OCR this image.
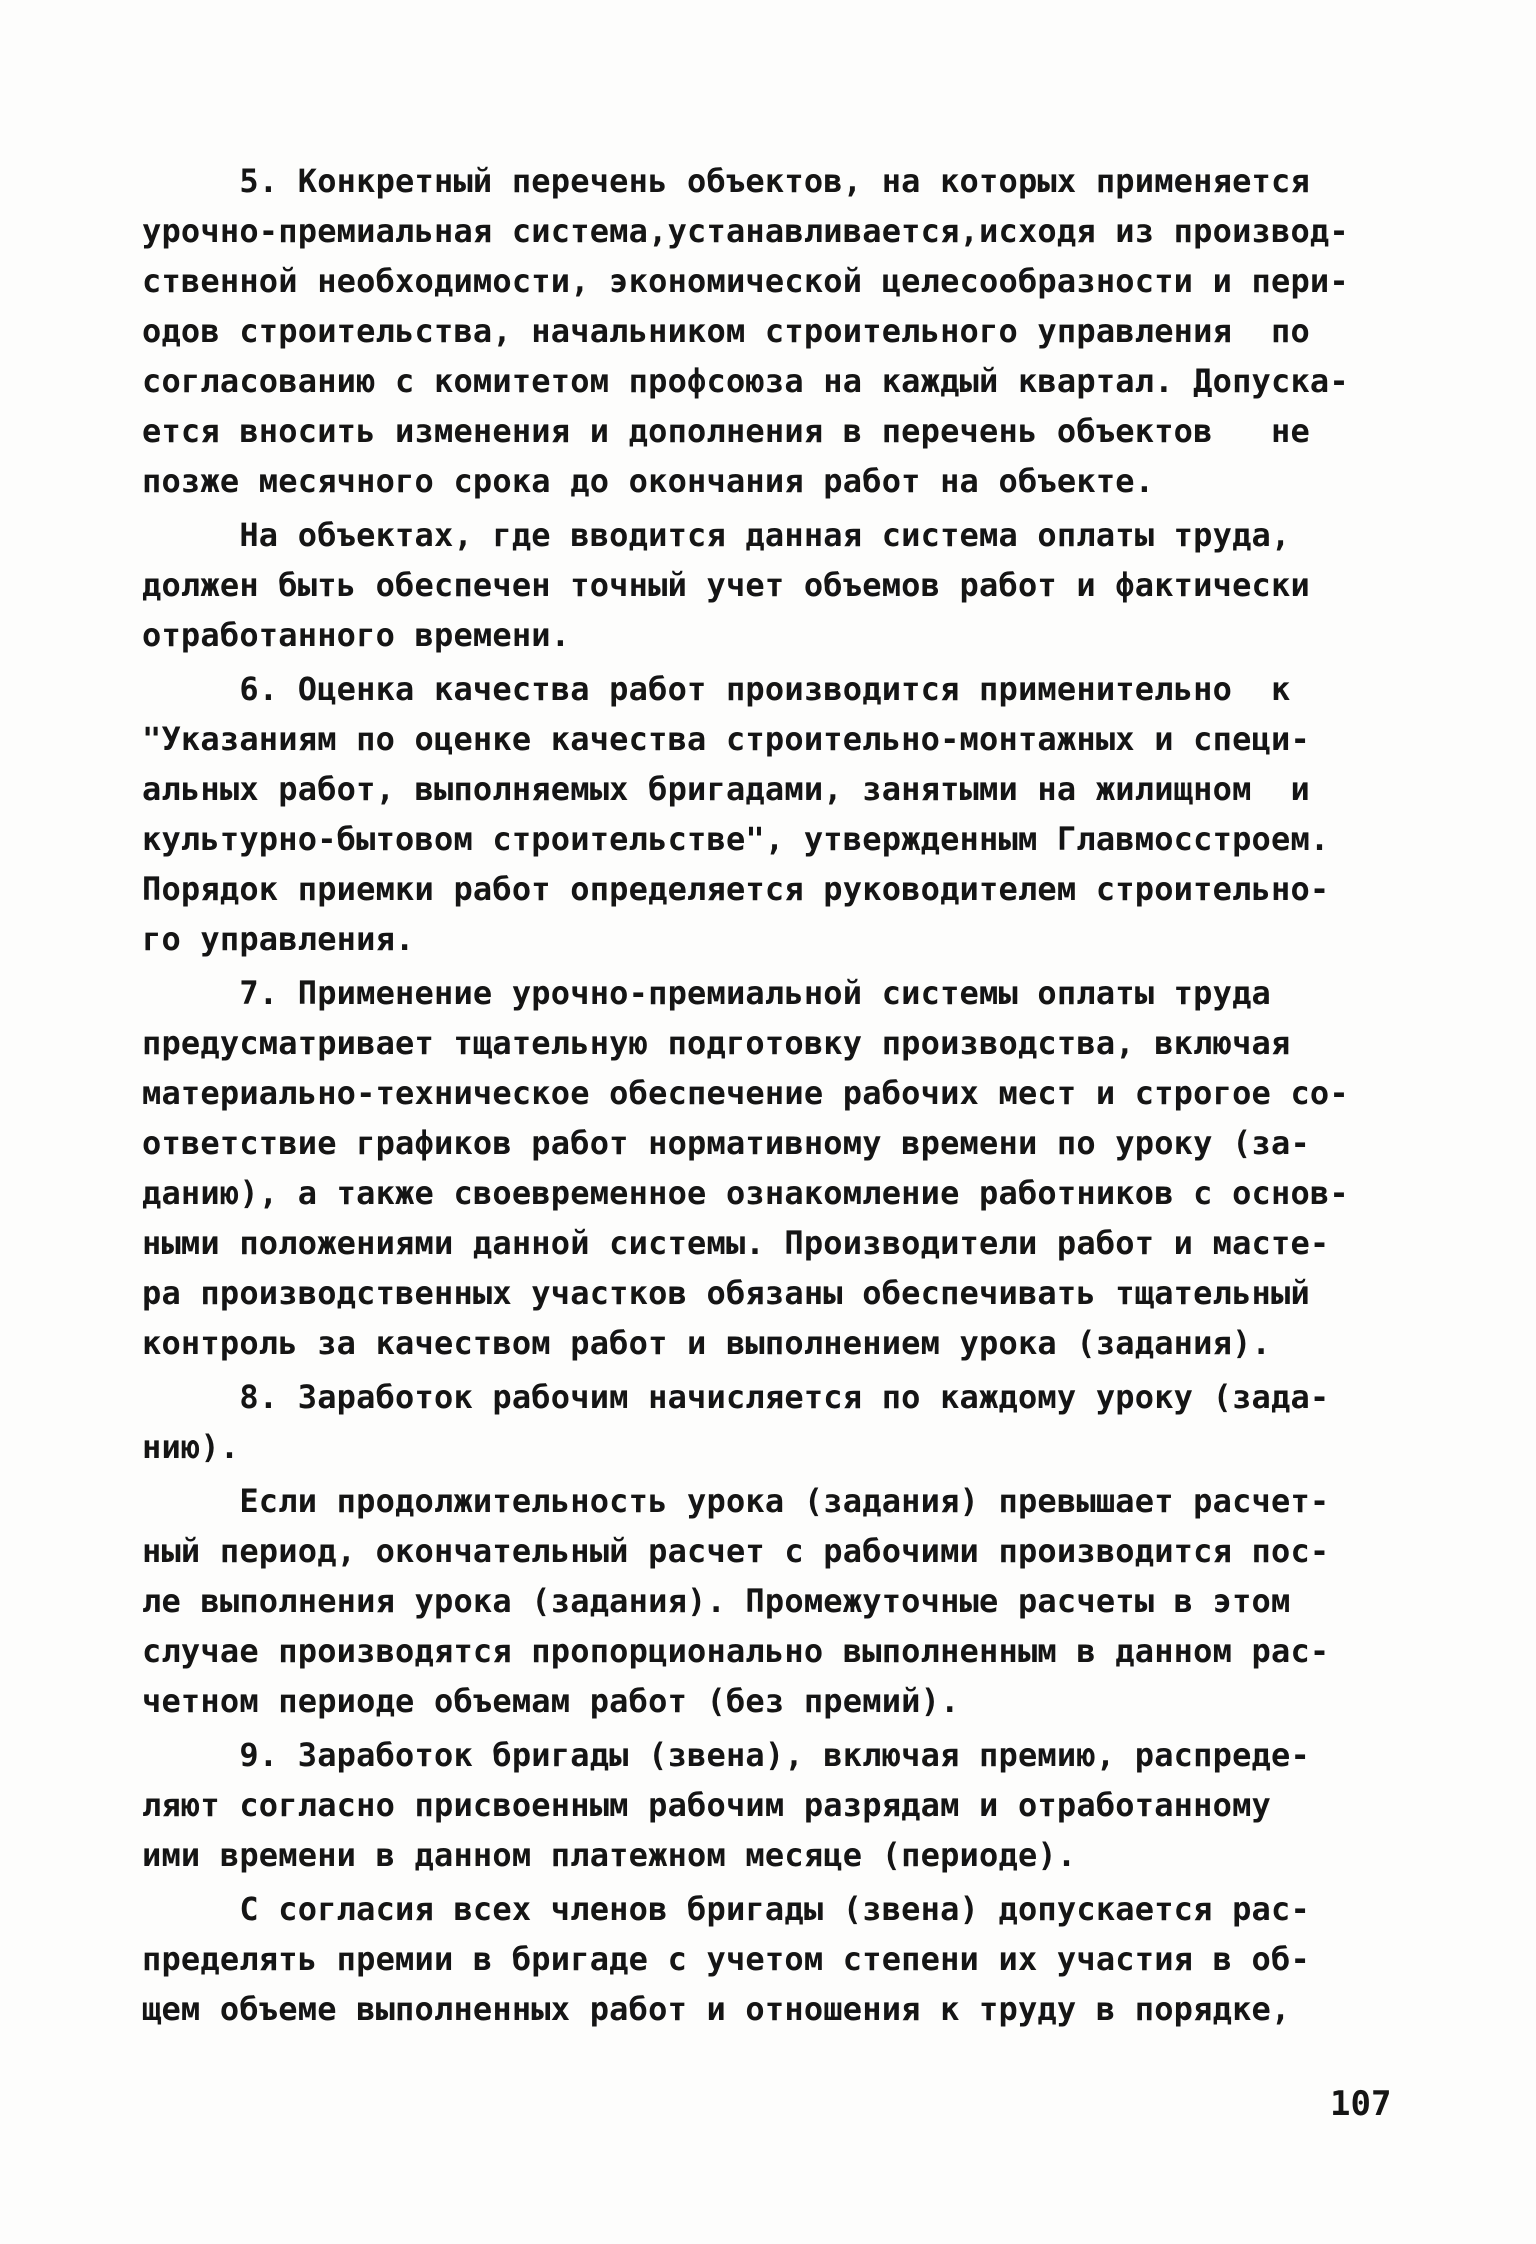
5. Конкретный перечень объектов, на которых применяется
урочно-премиальная система,устанавливается,исходя из производ-
ственной необходимости, экономической целесообразности и пери-
одов строительства, начальником строительного управления  по
согласованию с комитетом профсоюза на каждый квартал. Допуска-
ется вносить изменения и дополнения в перечень объектов   не
позже месячного срока до окончания работ на объекте.
На объектах, где вводится данная система оплаты труда,
должен быть обеспечен точный учет объемов работ и фактически
отработанного времени.
6. Оценка качества работ производится применительно  к
"Указаниям по оценке качества строительно-монтажных и специ-
альных работ, выполняемых бригадами, занятыми на жилищном  и
культурно-бытовом строительстве", утвержденным Главмосстроем.
Порядок приемки работ определяется руководителем строительно-
го управления.
7. Применение урочно-премиальной системы оплаты труда
предусматривает тщательную подготовку производства, включая
материально-техническое обеспечение рабочих мест и строгое со-
ответствие графиков работ нормативному времени по уроку (за-
данию), а также своевременное ознакомление работников с основ-
ными положениями данной системы. Производители работ и масте-
ра производственных участков обязаны обеспечивать тщательный
контроль за качеством работ и выполнением урока (задания).
8. Заработок рабочим начисляется по каждому уроку (зада-
нию).
Если продолжительность урока (задания) превышает расчет-
ный период, окончательный расчет с рабочими производится пос-
ле выполнения урока (задания). Промежуточные расчеты в этом
случае производятся пропорционально выполненным в данном рас-
четном периоде объемам работ (без премий).
9. Заработок бригады (звена), включая премию, распреде-
ляют согласно присвоенным рабочим разрядам и отработанному
ими времени в данном платежном месяце (периоде).
С согласия всех членов бригады (звена) допускается рас-
пределять премии в бригаде с учетом степени их участия в об-
щем объеме выполненных работ и отношения к труду в порядке,
107
